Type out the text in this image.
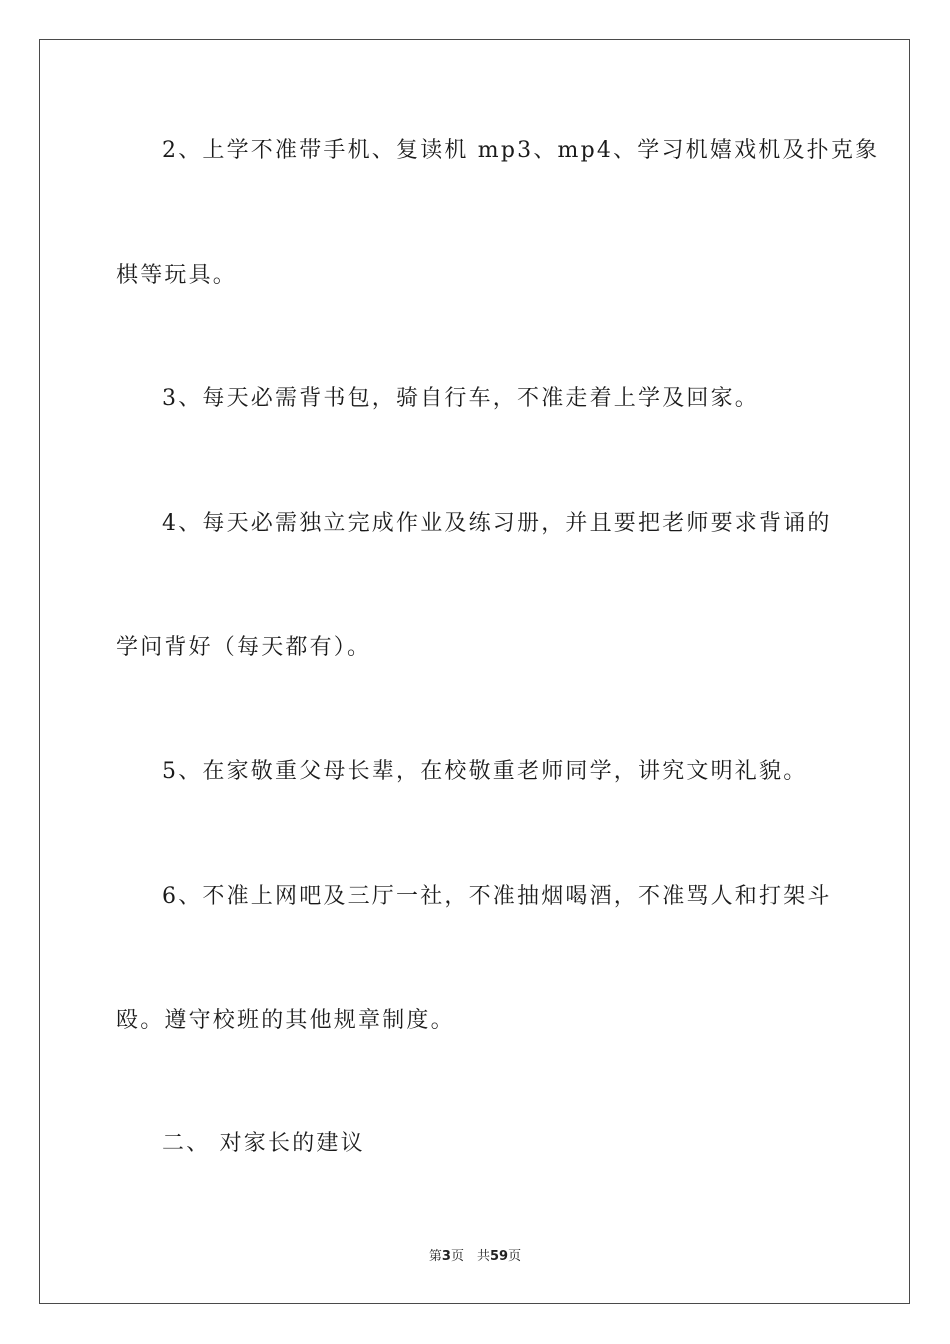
2、上学不准带手机、复读机 mp3、mp4、学习机嬉戏机及扑克象
棋等玩具。
3、每天必需背书包，骑自行车，不准走着上学及回家。
4、每天必需独立完成作业及练习册，并且要把老师要求背诵的
学问背好（每天都有）。
5、在家敬重父母长辈，在校敬重老师同学，讲究文明礼貌。
6、不准上网吧及三厅一社，不准抽烟喝酒，不准骂人和打架斗
殴。遵守校班的其他规章制度。
二、 对家长的建议
第3页　共59页
